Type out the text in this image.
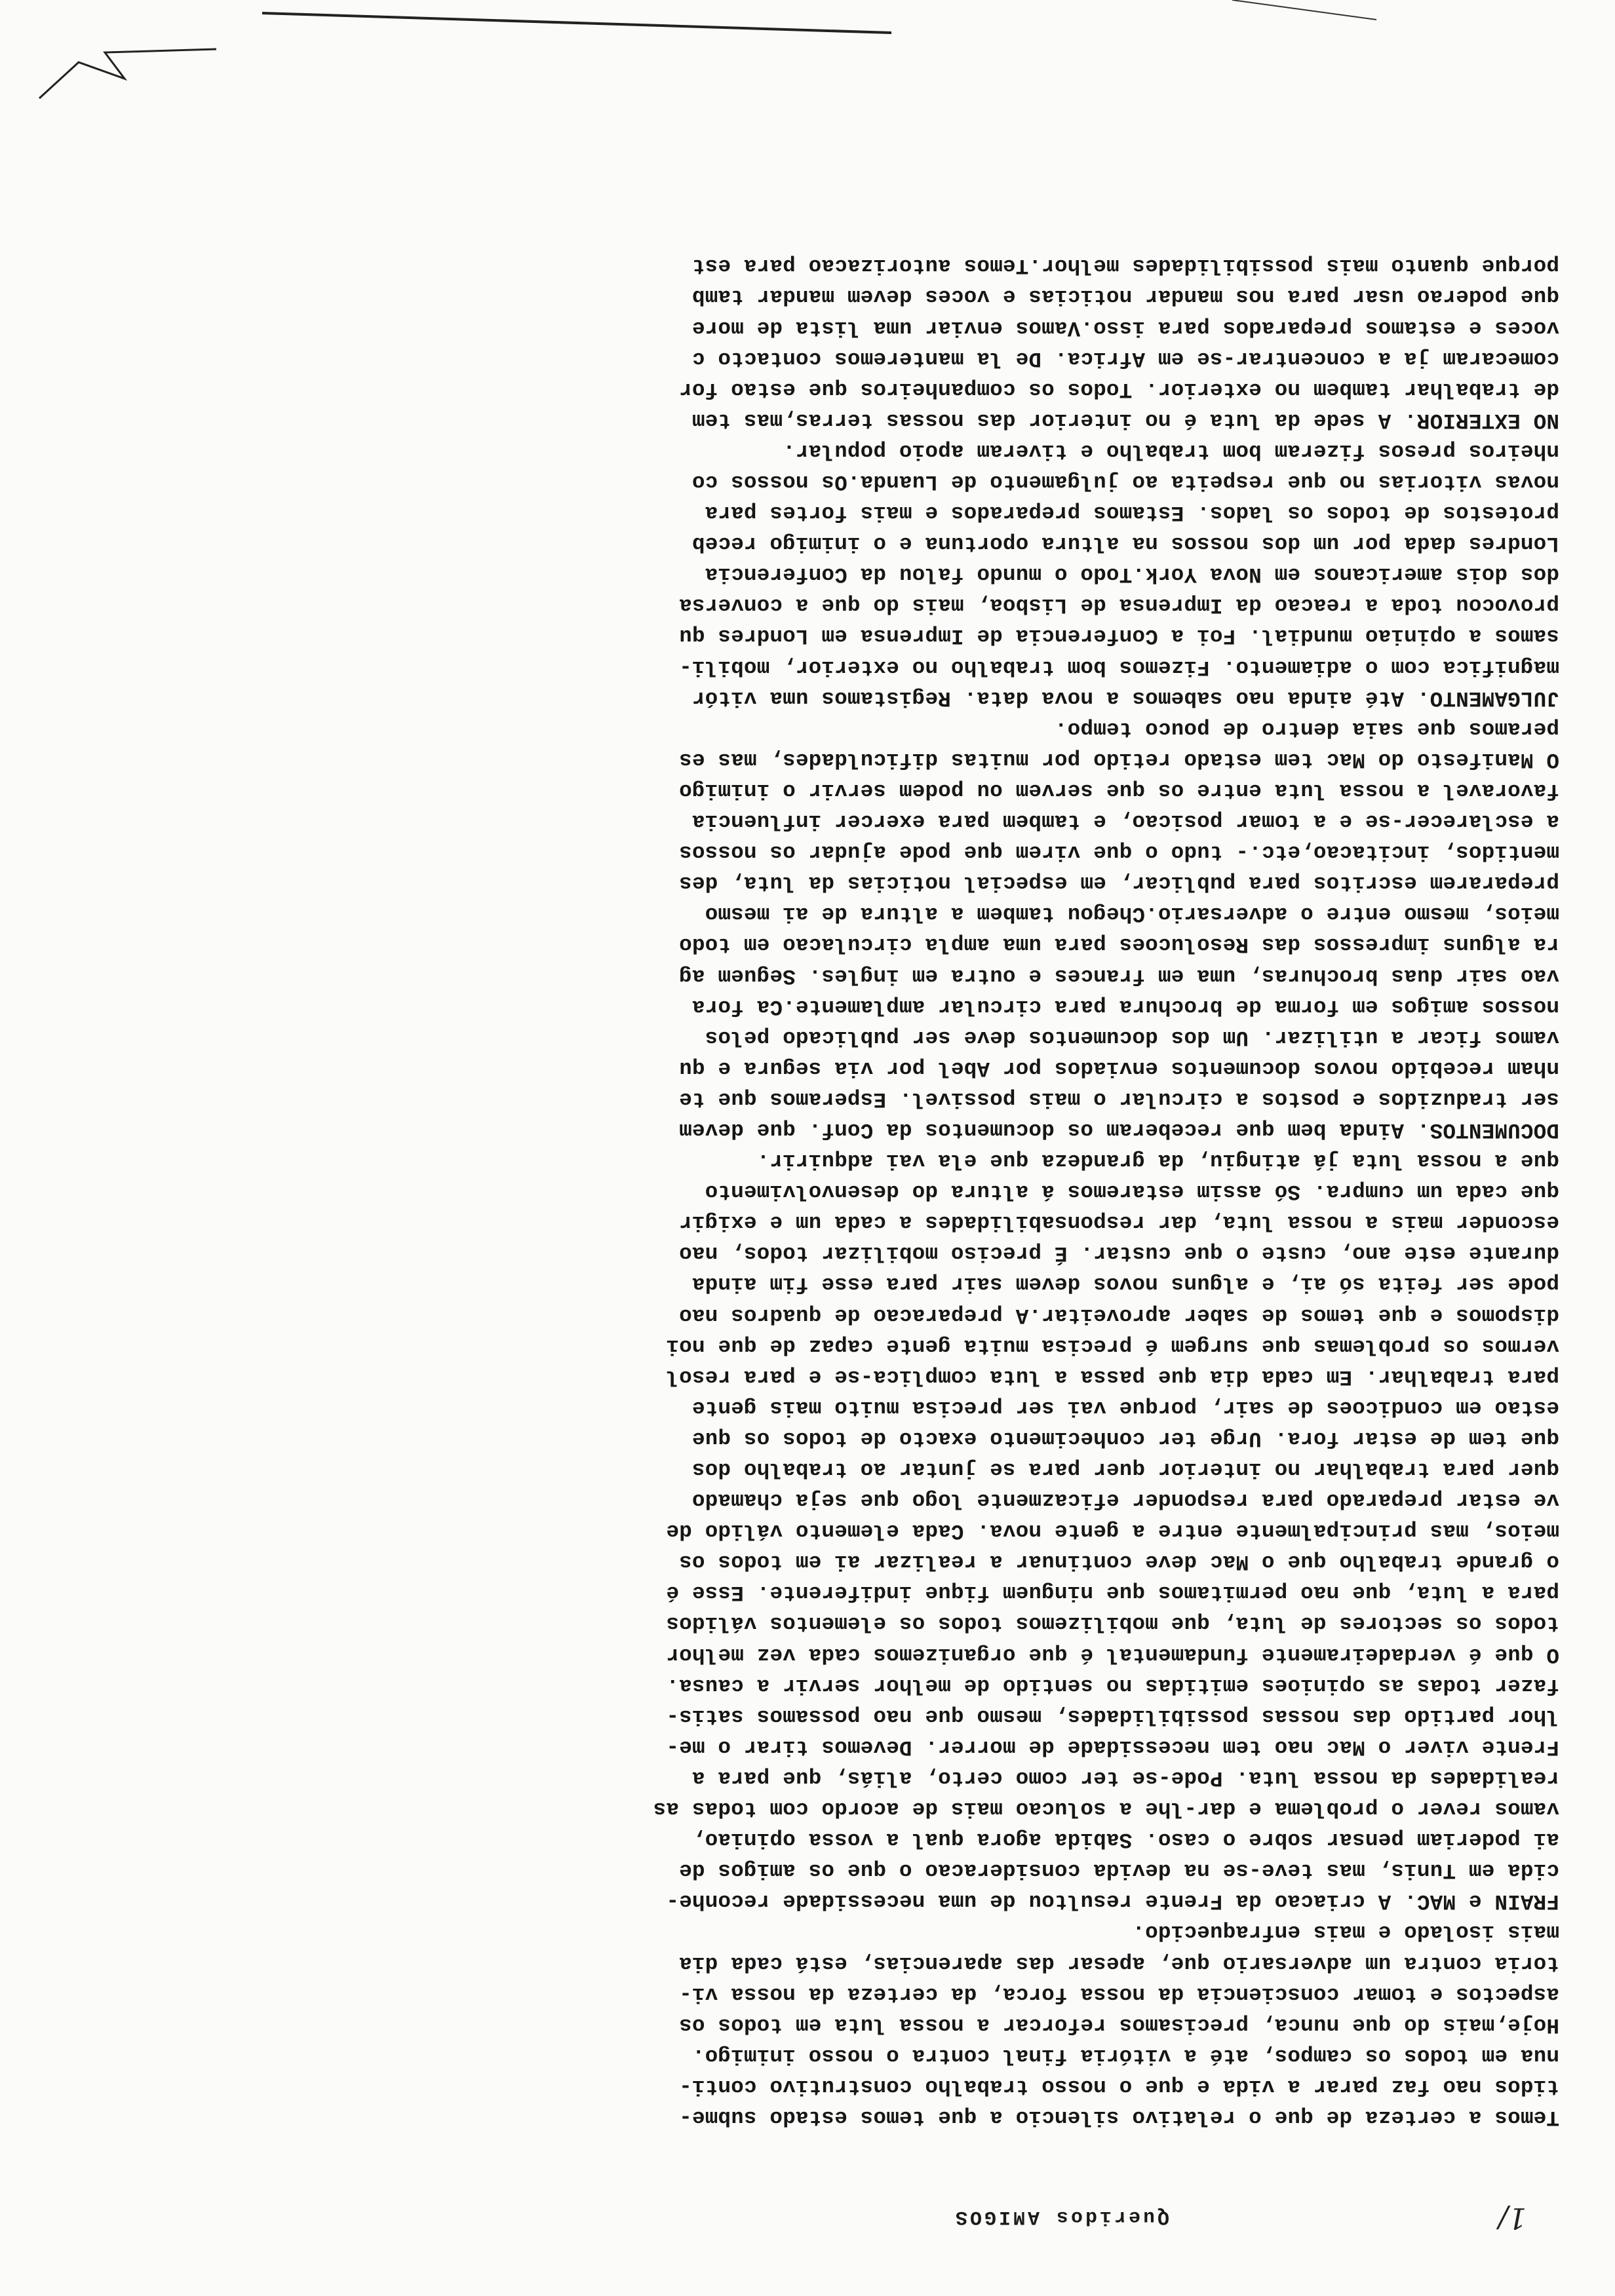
1/
Queridos AMIGOS
Temos a certeza de que o relativo silencio a que temos estado subme-
tidos nao faz parar a vida e que o nosso trabalho construtivo conti-
nua em todos os campos, até a vitória final contra o nosso inimigo.
Hoje,mais do que nunca, precisamos reforcar a nossa luta em todos os
aspectos e tomar consciencia da nossa forca, da certeza da nossa vi-
toria contra um adversario que, apesar das aparencias, está cada dia
mais isolado e mais enfraquecido.
FRAIN e MAC. A criacao da Frente resultou de uma necessidade reconhe-
cida em Tunis, mas teve-se na devida consideracao o que os amigos de
ai poderiam pensar sobre o caso. Sabida agora qual a vossa opiniao,
vamos rever o problema e dar-lhe a solucao mais de acordo com todas as
realidades da nossa luta. Pode-se ter como certo, aliás, que para a
Frente viver o Mac nao tem necessidade de morrer. Devemos tirar o me-
lhor partido das nossas possibilidades, mesmo que nao possamos satis-
fazer todas as opinioes emitidas no sentido de melhor servir a causa.
O que é verdadeiramente fundamental é que organizemos cada vez melhor
todos os sectores de luta, que mobilizemos todos os elementos válidos
para a luta, que nao permitamos que ninguem fique indiferente. Esse é
o grande trabalho que o Mac deve continuar a realizar ai em todos os
meios, mas principalmente entre a gente nova. Cada elemento válido de
ve estar preparado para responder eficazmente logo que seja chamado
quer para trabalhar no interior quer para se juntar ao trabalho dos
que tem de estar fora. Urge ter conhecimento exacto de todos os que
estao em condicoes de sair, porque vai ser precisa muito mais gente
para trabalhar. Em cada dia que passa a luta complica-se e para resol
vermos os problemas que surgem é precisa muita gente capaz de que noi
dispomos e que temos de saber aproveitar.A preparacao de quadros nao
pode ser feita só ai, e alguns novos devem sair para esse fim ainda
durante este ano, custe o que custar. É preciso mobilizar todos, nao
esconder mais a nossa luta, dar responsabilidades a cada um e exigir
que cada um cumpra. Só assim estaremos á altura do desenvolvimento
que a nossa luta já atingiu, da grandeza que ela vai adquirir.
DOCUMENTOS. Ainda bem que receberam os documentos da Conf. que devem
ser traduzidos e postos a circular o mais possivel. Esperamos que te
nham recebido novos documentos enviados por Abel por via segura e qu
vamos ficar a utilizar. Um dos documentos deve ser publicado pelos
nossos amigos em forma de brochura para circular amplamente.Ca fora
vao sair duas brochuras, uma em frances e outra em ingles. Seguem ag
ra alguns impressos das Resolucoes para uma ampla circulacao em todo
meios, mesmo entre o adversario.Chegou tambem a altura de ai mesmo
prepararem escritos para publicar, em especial noticias da luta, des
mentidos, incitacao,etc.- tudo o que virem que pode ajudar os nossos
a esclarecer-se e a tomar posicao, e tambem para exercer influencia
favoravel a nossa luta entre os que servem ou podem servir o inimigo
O Manifesto do Mac tem estado retido por muitas dificuldades, mas es
peramos que saia dentro de pouco tempo.
JULGAMENTO. Até ainda nao sabemos a nova data. Registamos uma vitór
magnifica com o adiamento. Fizemos bom trabalho no exterior, mobili-
samos a opiniao mundial. Foi a Conferencia de Imprensa em Londres qu
provocou toda a reacao da Imprensa de Lisboa, mais do que a conversa
dos dois americanos em Nova York.Todo o mundo falou da Conferencia
Londres dada por um dos nossos na altura oportuna e o inimigo receb
protestos de todos os lados. Estamos preparados e mais fortes para
novas vitorias no que respeita ao julgamento de Luanda.Os nossos co
nheiros presos fizeram bom trabalho e tiveram apoio popular.
NO EXTERIOR. A sede da luta é no interior das nossas terras,mas tem
de trabalhar tambem no exterior. Todos os companheiros que estao for
comecaram ja a concentrar-se em Africa. De la manteremos contacto c
voces e estamos preparados para isso.Vamos enviar uma lista de more
que poderao usar para nos mandar noticias e voces devem mandar tamb
porque quanto mais possibilidades melhor.Temos autorizacao para est
